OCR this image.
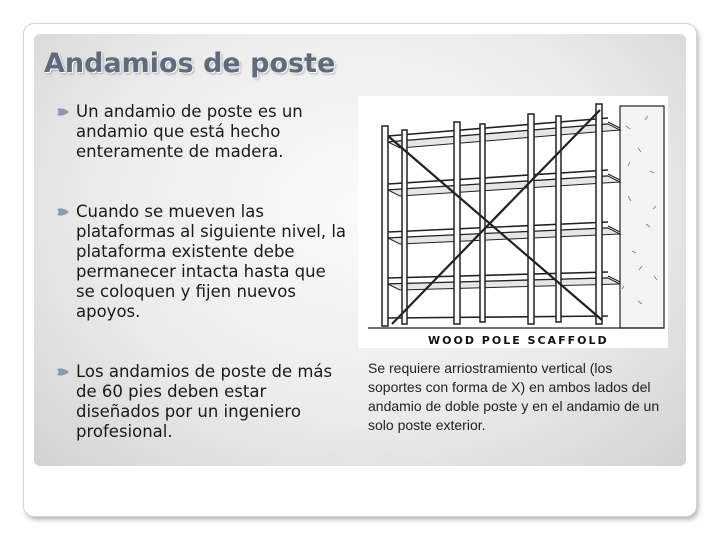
Andamios de poste
Un andamio de poste es un andamio que está hecho enteramente de madera.
Cuando se mueven las plataformas al siguiente nivel, la plataforma existente debe permanecer intacta hasta que se coloquen y fijen nuevos apoyos.
Los andamios de poste de más de 60 pies deben estar diseñados por un ingeniero profesional.
WOOD POLE SCAFFOLD
Se requiere arriostramiento vertical (los soportes con forma de X) en ambos lados del andamio de doble poste y en el andamio de un solo poste exterior.
